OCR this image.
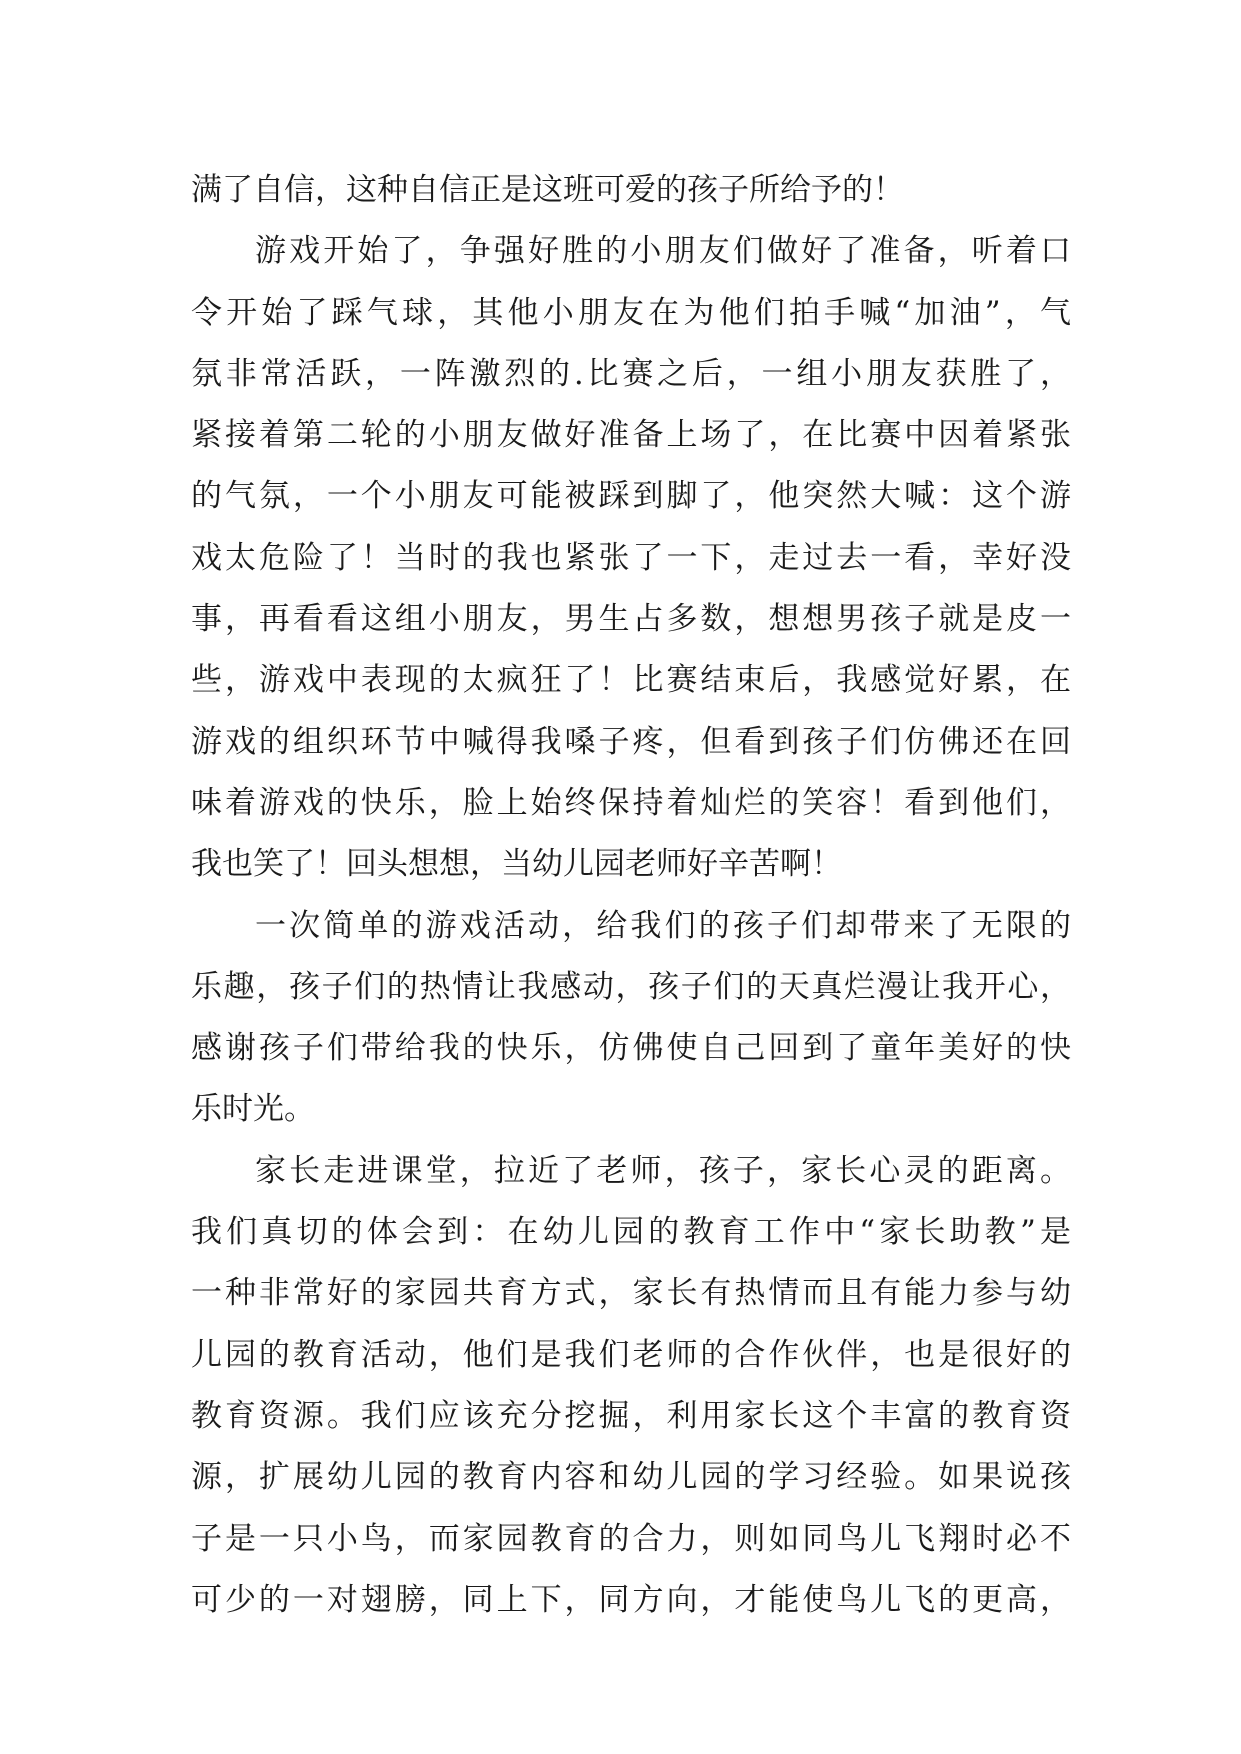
满了自信，这种自信正是这班可爱的孩子所给予的！
游戏开始了，争强好胜的小朋友们做好了准备，听着口
令开始了踩气球，其他小朋友在为他们拍手喊“加油”，气
氛非常活跃，一阵激烈的.比赛之后，一组小朋友获胜了，
紧接着第二轮的小朋友做好准备上场了，在比赛中因着紧张
的气氛，一个小朋友可能被踩到脚了，他突然大喊：这个游
戏太危险了！当时的我也紧张了一下，走过去一看，幸好没
事，再看看这组小朋友，男生占多数，想想男孩子就是皮一
些，游戏中表现的太疯狂了！比赛结束后，我感觉好累，在
游戏的组织环节中喊得我嗓子疼，但看到孩子们仿佛还在回
味着游戏的快乐，脸上始终保持着灿烂的笑容！看到他们，
我也笑了！回头想想，当幼儿园老师好辛苦啊！
一次简单的游戏活动，给我们的孩子们却带来了无限的
乐趣，孩子们的热情让我感动，孩子们的天真烂漫让我开心，
感谢孩子们带给我的快乐，仿佛使自己回到了童年美好的快
乐时光。
家长走进课堂，拉近了老师，孩子，家长心灵的距离。
我们真切的体会到：在幼儿园的教育工作中“家长助教”是
一种非常好的家园共育方式，家长有热情而且有能力参与幼
儿园的教育活动，他们是我们老师的合作伙伴，也是很好的
教育资源。我们应该充分挖掘，利用家长这个丰富的教育资
源，扩展幼儿园的教育内容和幼儿园的学习经验。如果说孩
子是一只小鸟，而家园教育的合力，则如同鸟儿飞翔时必不
可少的一对翅膀，同上下，同方向，才能使鸟儿飞的更高，
